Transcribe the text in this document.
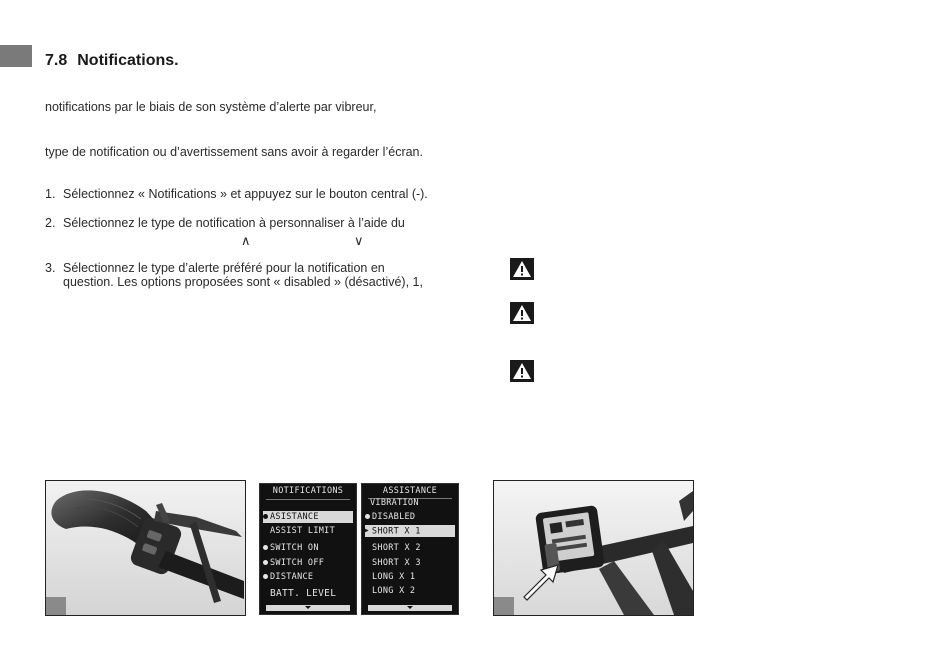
7.8 Notifications.
notifications par le biais de son système d’alerte par vibreur,
type de notification ou d’avertissement sans avoir à regarder l’écran.
1. Sélectionnez « Notifications » et appuyez sur le bouton central (-).
2. Sélectionnez le type de notification à personnaliser à l’aide du
∧	∨
3. Sélectionnez le type d’alerte préféré pour la notification en
question. Les options proposées sont « disabled » (désactivé), 1,
NOTIFICATIONS
ASISTANCE
ASSIST LIMIT
SWITCH ON
SWITCH OFF
DISTANCE
BATT. LEVEL
ASSISTANCE
VIBRATION
DISABLED
▶ SHORT X 1
SHORT X 2
SHORT X 3
LONG X 1
LONG X 2
